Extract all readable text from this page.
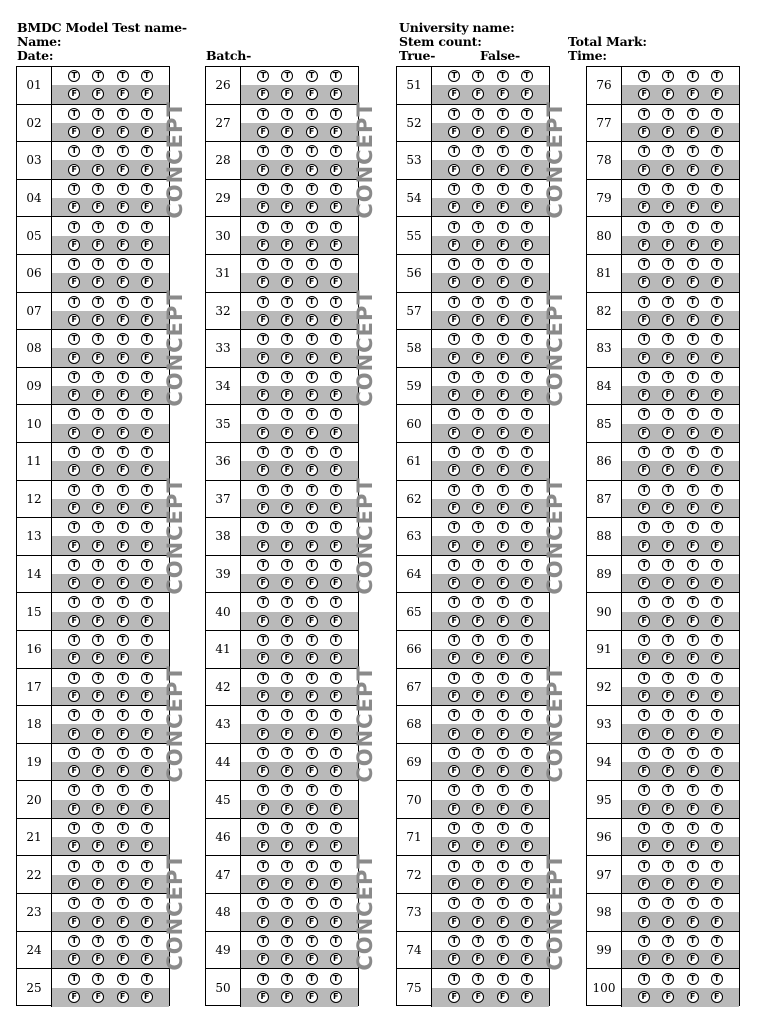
BMDC Model Test name-
Name:
Date:	Batch-
University name:
Stem count:
True-	False-
Total Mark:
Time:
01
T	T	T	T
F	F	F	F
02
T	T	T	T
F	F	F	F
03
T	T	T	T
F	F	F	F
04
T	T	T	T
F	F	F	F
05
T	T	T	T
F	F	F	F
06
T	T	T	T
F	F	F	F
07
T	T	T	T
F	F	F	F
08
T	T	T	T
F	F	F	F
09
T	T	T	T
F	F	F	F
10
T	T	T	T
F	F	F	F
11
T	T	T	T
F	F	F	F
12
T	T	T	T
F	F	F	F
13
T	T	T	T
F	F	F	F
14
T	T	T	T
F	F	F	F
15
T	T	T	T
F	F	F	F
16
T	T	T	T
F	F	F	F
17
T	T	T	T
F	F	F	F
18
T	T	T	T
F	F	F	F
19
T	T	T	T
F	F	F	F
20
T	T	T	T
F	F	F	F
21
T	T	T	T
F	F	F	F
22
T	T	T	T
F	F	F	F
23
T	T	T	T
F	F	F	F
24
T	T	T	T
F	F	F	F
25
T	T	T	T
F	F	F	F
26
T	T	T	T
F	F	F	F
27
T	T	T	T
F	F	F	F
28
T	T	T	T
F	F	F	F
29
T	T	T	T
F	F	F	F
30
T	T	T	T
F	F	F	F
31
T	T	T	T
F	F	F	F
32
T	T	T	T
F	F	F	F
33
T	T	T	T
F	F	F	F
34
T	T	T	T
F	F	F	F
35
T	T	T	T
F	F	F	F
36
T	T	T	T
F	F	F	F
37
T	T	T	T
F	F	F	F
38
T	T	T	T
F	F	F	F
39
T	T	T	T
F	F	F	F
40
T	T	T	T
F	F	F	F
41
T	T	T	T
F	F	F	F
42
T	T	T	T
F	F	F	F
43
T	T	T	T
F	F	F	F
44
T	T	T	T
F	F	F	F
45
T	T	T	T
F	F	F	F
46
T	T	T	T
F	F	F	F
47
T	T	T	T
F	F	F	F
48
T	T	T	T
F	F	F	F
49
T	T	T	T
F	F	F	F
50
T	T	T	T
F	F	F	F
51
T	T	T	T
F	F	F	F
52
T	T	T	T
F	F	F	F
53
T	T	T	T
F	F	F	F
54
T	T	T	T
F	F	F	F
55
T	T	T	T
F	F	F	F
56
T	T	T	T
F	F	F	F
57
T	T	T	T
F	F	F	F
58
T	T	T	T
F	F	F	F
59
T	T	T	T
F	F	F	F
60
T	T	T	T
F	F	F	F
61
T	T	T	T
F	F	F	F
62
T	T	T	T
F	F	F	F
63
T	T	T	T
F	F	F	F
64
T	T	T	T
F	F	F	F
65
T	T	T	T
F	F	F	F
66
T	T	T	T
F	F	F	F
67
T	T	T	T
F	F	F	F
68
T	T	T	T
F	F	F	F
69
T	T	T	T
F	F	F	F
70
T	T	T	T
F	F	F	F
71
T	T	T	T
F	F	F	F
72
T	T	T	T
F	F	F	F
73
T	T	T	T
F	F	F	F
74
T	T	T	T
F	F	F	F
75
T	T	T	T
F	F	F	F
76
T	T	T	T
F	F	F	F
77
T	T	T	T
F	F	F	F
78
T	T	T	T
F	F	F	F
79
T	T	T	T
F	F	F	F
80
T	T	T	T
F	F	F	F
81
T	T	T	T
F	F	F	F
82
T	T	T	T
F	F	F	F
83
T	T	T	T
F	F	F	F
84
T	T	T	T
F	F	F	F
85
T	T	T	T
F	F	F	F
86
T	T	T	T
F	F	F	F
87
T	T	T	T
F	F	F	F
88
T	T	T	T
F	F	F	F
89
T	T	T	T
F	F	F	F
90
T	T	T	T
F	F	F	F
91
T	T	T	T
F	F	F	F
92
T	T	T	T
F	F	F	F
93
T	T	T	T
F	F	F	F
94
T	T	T	T
F	F	F	F
95
T	T	T	T
F	F	F	F
96
T	T	T	T
F	F	F	F
97
T	T	T	T
F	F	F	F
98
T	T	T	T
F	F	F	F
99
T	T	T	T
F	F	F	F
100
T	T	T	T
F	F	F	F
CONCEPT
CONCEPT
CONCEPT
CONCEPT
CONCEPT
CONCEPT
CONCEPT
CONCEPT
CONCEPT
CONCEPT
CONCEPT
CONCEPT
CONCEPT
CONCEPT
CONCEPT
